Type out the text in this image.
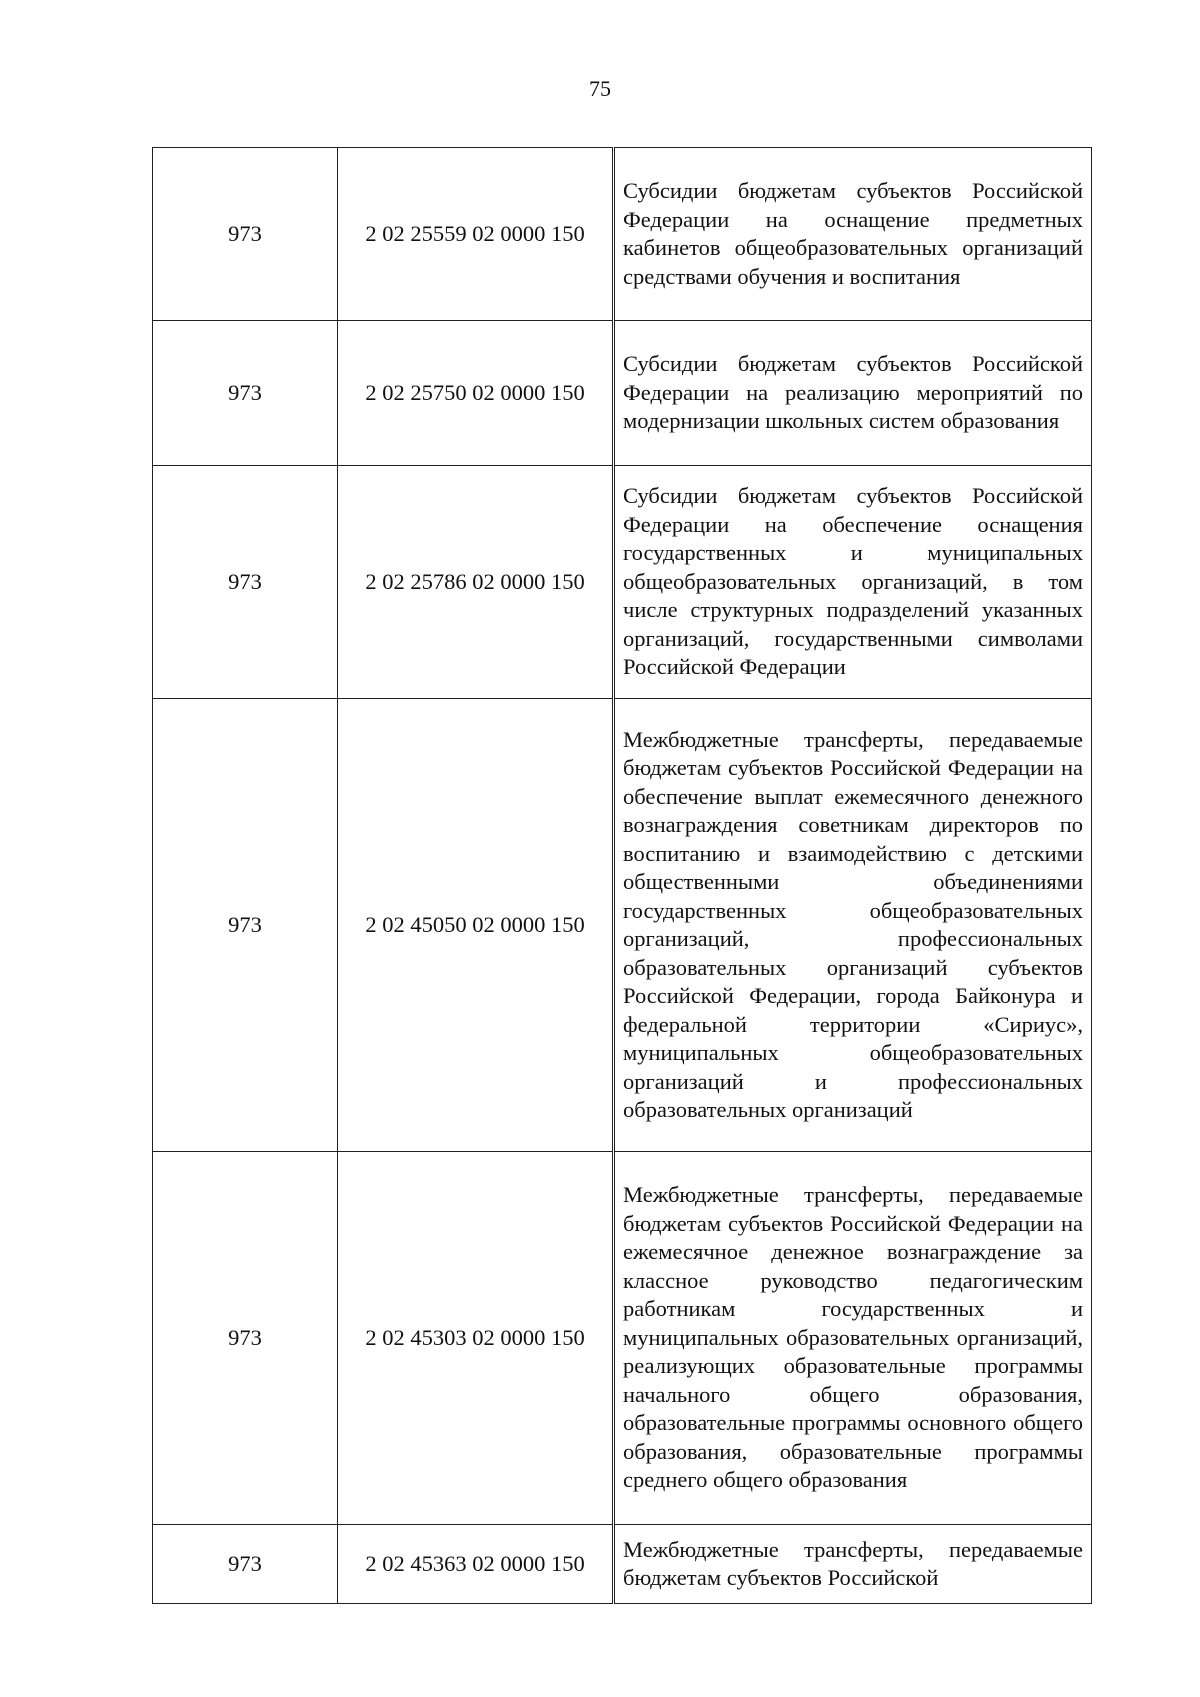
75
973	2 02 25559 02 0000 150	Субсидии бюджетам субъектов Российской Федерации на оснащение предметных кабинетов общеобразовательных организаций средствами обучения и воспитания
973	2 02 25750 02 0000 150	Субсидии бюджетам субъектов Российской Федерации на реализацию мероприятий по модернизации школьных систем образования
973	2 02 25786 02 0000 150	Субсидии бюджетам субъектов Российской Федерации на обеспечение оснащения государственных и муниципальных общеобразовательных организаций, в том числе структурных подразделений указанных организаций, государственными символами Российской Федерации
973	2 02 45050 02 0000 150	Межбюджетные трансферты, передаваемые бюджетам субъектов Российской Федерации на обеспечение выплат ежемесячного денежного вознаграждения советникам директоров по воспитанию и взаимодействию с детскими общественными объединениями государственных общеобразовательных организаций, профессиональных образовательных организаций субъектов Российской Федерации, города Байконура и федеральной территории «Сириус», муниципальных общеобразовательных организаций и профессиональных образовательных организаций
973	2 02 45303 02 0000 150	Межбюджетные трансферты, передаваемые бюджетам субъектов Российской Федерации на ежемесячное денежное вознаграждение за классное руководство педагогическим работникам государственных и муниципальных образовательных организаций, реализующих образовательные программы начального общего образования, образовательные программы основного общего образования, образовательные программы среднего общего образования
973	2 02 45363 02 0000 150	Межбюджетные трансферты, передаваемые бюджетам субъектов Российской
